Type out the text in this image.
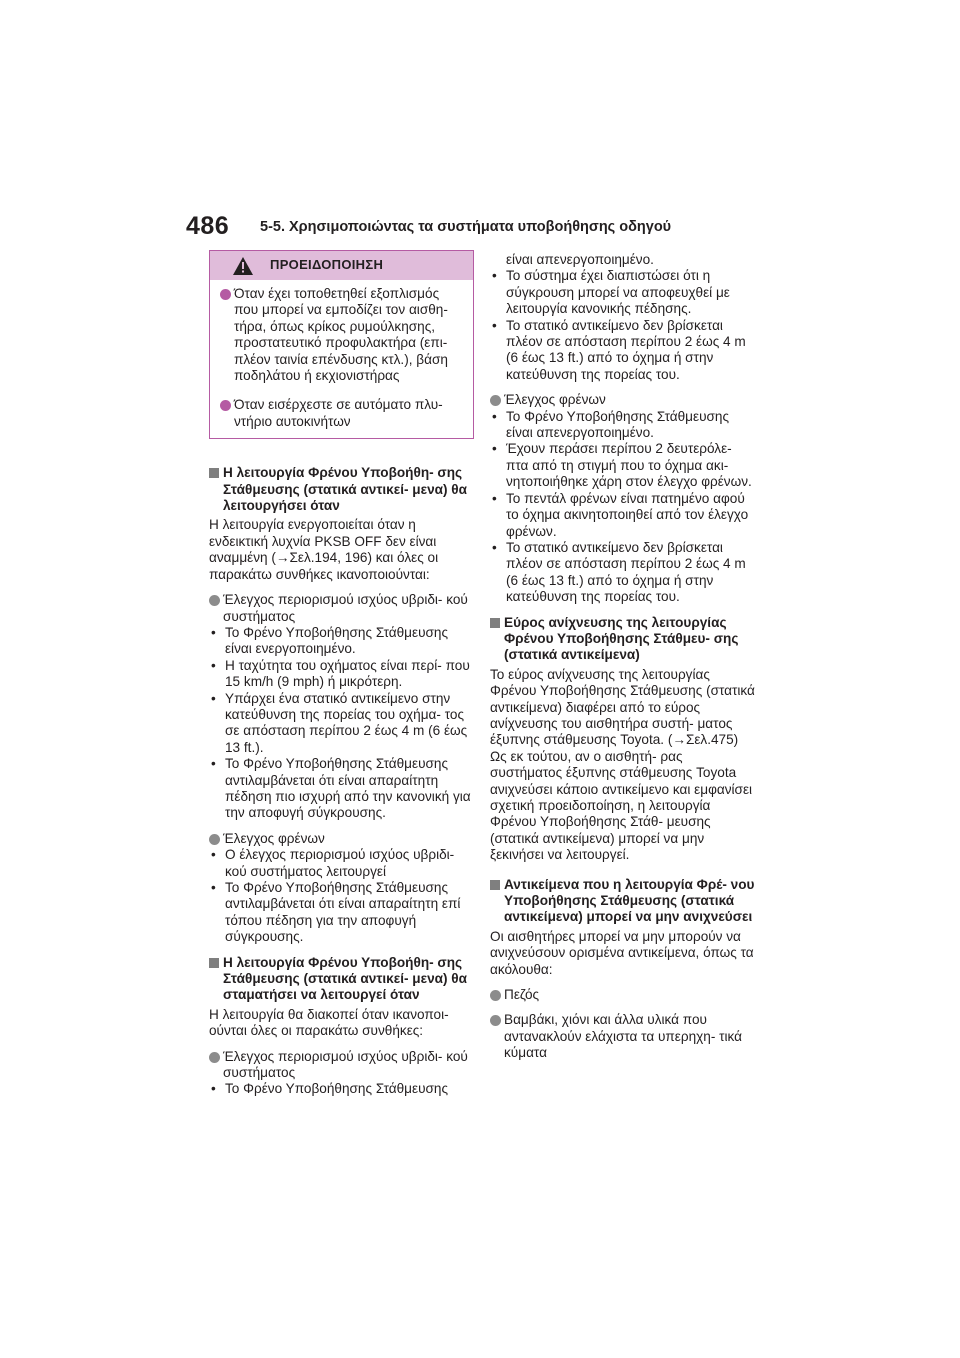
486 5-5. Χρησιμοποιώντας τα συστήματα υποβοήθησης οδηγού
ΠΡΟΕΙΔΟΠΟΙΗΣΗ
Όταν έχει τοποθετηθεί εξοπλισμός που μπορεί να εμποδίζει τον αισθη- τήρα, όπως κρίκος ρυμούλκησης, προστατευτικό προφυλακτήρα (επι- πλέον ταινία επένδυσης κτλ.), βάση ποδηλάτου ή εκχιονιστήρας
Όταν εισέρχεστε σε αυτόματο πλυ- ντήριο αυτοκινήτων
Η λειτουργία Φρένου Υποβοήθη- σης Στάθμευσης (στατικά αντικεί- μενα) θα λειτουργήσει όταν
Η λειτουργία ενεργοποιείται όταν η ενδεικτική λυχνία PKSB OFF δεν είναι αναμμένη (→Σελ.194, 196) και όλες οι παρακάτω συνθήκες ικανοποιούνται:
Έλεγχος περιορισμού ισχύος υβριδι- κού συστήματος
• Το Φρένο Υποβοήθησης Στάθμευσης είναι ενεργοποιημένο.
• Η ταχύτητα του οχήματος είναι περί- που 15 km/h (9 mph) ή μικρότερη.
• Υπάρχει ένα στατικό αντικείμενο στην κατεύθυνση της πορείας του οχήμα- τος σε απόσταση περίπου 2 έως 4 m (6 έως 13 ft.).
• Το Φρένο Υποβοήθησης Στάθμευσης αντιλαμβάνεται ότι είναι απαραίτητη πέδηση πιο ισχυρή από την κανονική για την αποφυγή σύγκρουσης.
Έλεγχος φρένων
• Ο έλεγχος περιορισμού ισχύος υβριδι- κού συστήματος λειτουργεί
• Το Φρένο Υποβοήθησης Στάθμευσης αντιλαμβάνεται ότι είναι απαραίτητη επί τόπου πέδηση για την αποφυγή σύγκρουσης.
Η λειτουργία Φρένου Υποβοήθη- σης Στάθμευσης (στατικά αντικεί- μενα) θα σταματήσει να λειτουργεί όταν
Η λειτουργία θα διακοπεί όταν ικανοποι- ούνται όλες οι παρακάτω συνθήκες:
Έλεγχος περιορισμού ισχύος υβριδι- κού συστήματος
• Το Φρένο Υποβοήθησης Στάθμευσης
είναι απενεργοποιημένο.
• Το σύστημα έχει διαπιστώσει ότι η σύγκρουση μπορεί να αποφευχθεί με λειτουργία κανονικής πέδησης.
• Το στατικό αντικείμενο δεν βρίσκεται πλέον σε απόσταση περίπου 2 έως 4 m (6 έως 13 ft.) από το όχημα ή στην κατεύθυνση της πορείας του.
Έλεγχος φρένων
• Το Φρένο Υποβοήθησης Στάθμευσης είναι απενεργοποιημένο.
• Έχουν περάσει περίπου 2 δευτερόλε- πτα από τη στιγμή που το όχημα ακι- νητοποιήθηκε χάρη στον έλεγχο φρένων.
• Το πεντάλ φρένων είναι πατημένο αφού το όχημα ακινητοποιηθεί από τον έλεγχο φρένων.
• Το στατικό αντικείμενο δεν βρίσκεται πλέον σε απόσταση περίπου 2 έως 4 m (6 έως 13 ft.) από το όχημα ή στην κατεύθυνση της πορείας του.
Εύρος ανίχνευσης της λειτουργίας Φρένου Υποβοήθησης Στάθμευ- σης (στατικά αντικείμενα)
Το εύρος ανίχνευσης της λειτουργίας Φρένου Υποβοήθησης Στάθμευσης (στατικά αντικείμενα) διαφέρει από το εύρος ανίχνευσης του αισθητήρα συστή- ματος έξυπνης στάθμευσης Toyota. (→Σελ.475) Ως εκ τούτου, αν ο αισθητή- ρας συστήματος έξυπνης στάθμευσης Toyota ανιχνεύσει κάποιο αντικείμενο και εμφανίσει σχετική προειδοποίηση, η λειτουργία Φρένου Υποβοήθησης Στάθ- μευσης (στατικά αντικείμενα) μπορεί να μην ξεκινήσει να λειτουργεί.
Αντικείμενα που η λειτουργία Φρέ- νου Υποβοήθησης Στάθμευσης (στατικά αντικείμενα) μπορεί να μην ανιχνεύσει
Οι αισθητήρες μπορεί να μην μπορούν να ανιχνεύσουν ορισμένα αντικείμενα, όπως τα ακόλουθα:
Πεζός
Βαμβάκι, χιόνι και άλλα υλικά που αντανακλούν ελάχιστα τα υπερηχη- τικά κύματα
